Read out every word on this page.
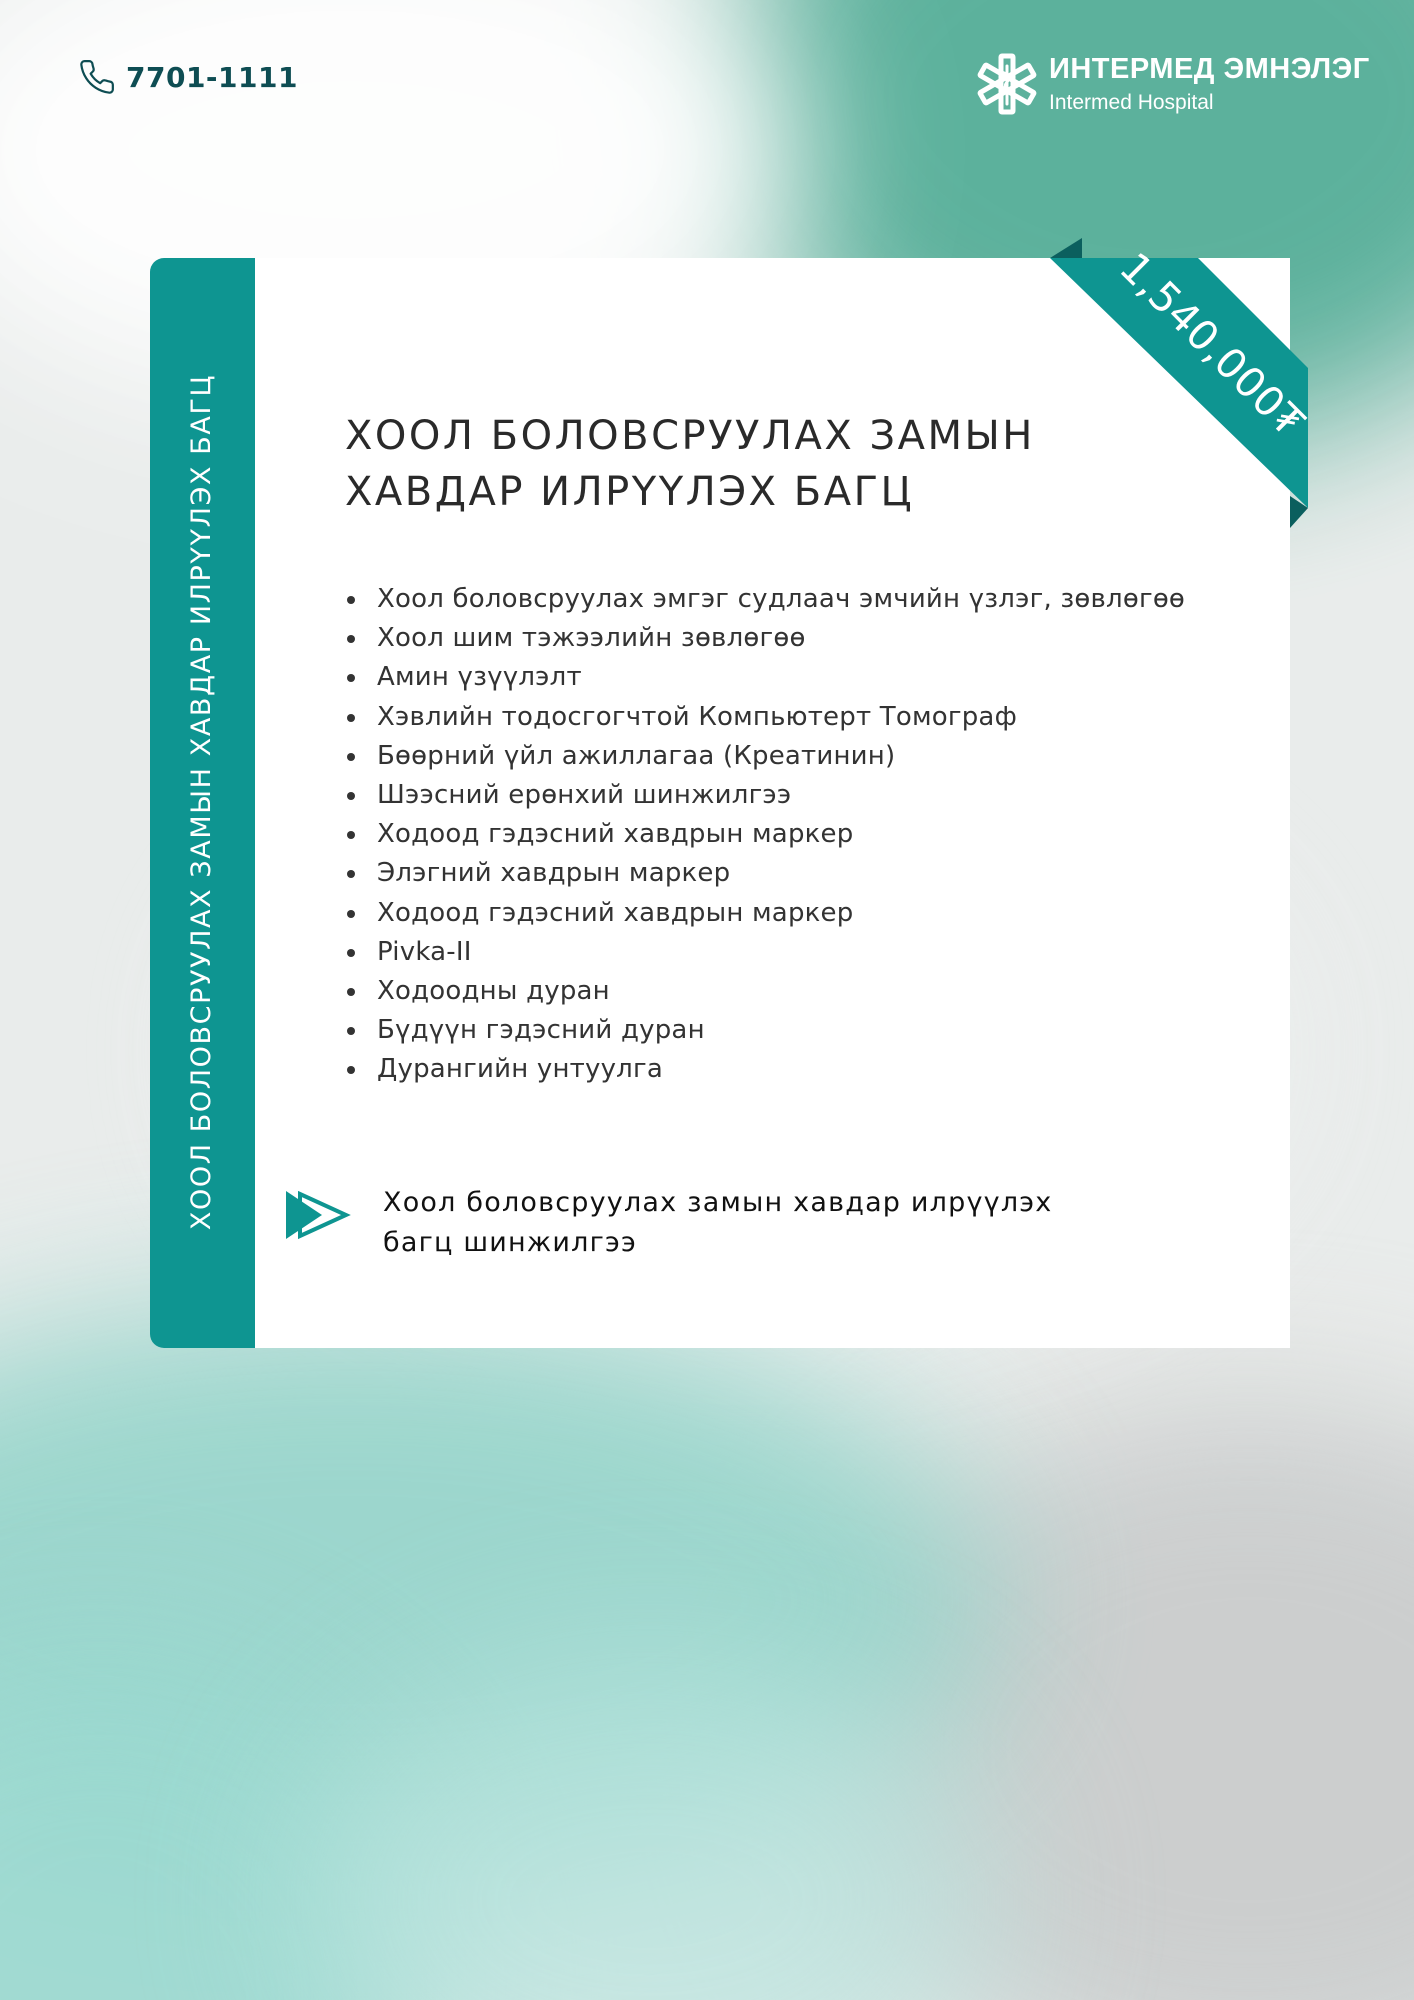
7701-1111	ИНТЕРМЕД ЭМНЭЛЭГ
Intermed Hospital
ХООЛ БОЛОВСРУУЛАХ ЗАМЫН ХАВДАР ИЛРҮҮЛЭХ БАГЦ
1,540,000₮
ХООЛ БОЛОВСРУУЛАХ ЗАМЫН
ХАВДАР ИЛРҮҮЛЭХ БАГЦ
Хоол боловсруулах эмгэг судлаач эмчийн үзлэг, зөвлөгөө
Хоол шим тэжээлийн зөвлөгөө
Амин үзүүлэлт
Хэвлийн тодосгогчтой Компьютерт Томограф
Бөөрний үйл ажиллагаа (Креатинин)
Шээсний ерөнхий шинжилгээ
Ходоод гэдэсний хавдрын маркер
Элэгний хавдрын маркер
Ходоод гэдэсний хавдрын маркер
Pivka-II
Ходоодны дуран
Бүдүүн гэдэсний дуран
Дурангийн унтуулга

Хоол боловсруулах замын хавдар илрүүлэх
багц шинжилгээ
